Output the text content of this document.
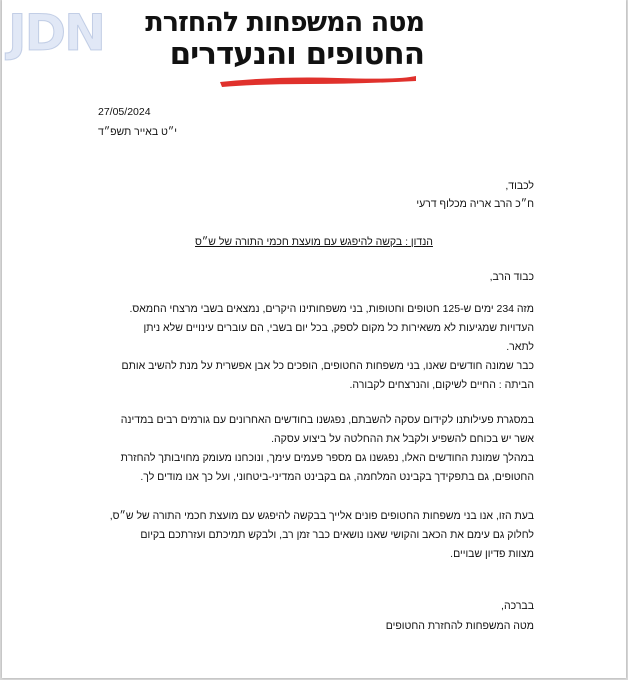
JDN מטה המשפחות להחזרת
החטופים והנעדרים
27/05/2024
י״ט באייר תשפ״ד
לכבוד,
ח״כ הרב אריה מכלוף דרעי
הנדון : בקשה להיפגש עם מועצת חכמי התורה של ש״ס
כבוד הרב,
מזה 234 ימים ש-125 חטופים וחטופות, בני משפחותינו היקרים, נמצאים בשבי מרצחי החמאס.
העדויות שמגיעות לא משאירות כל מקום לספק, בכל יום בשבי, הם עוברים עינויים שלא ניתן
לתאר.
כבר שמונה חודשים שאנו, בני משפחות החטופים, הופכים כל אבן אפשרית על מנת להשיב אותם
הביתה : החיים לשיקום, והנרצחים לקבורה.
במסגרת פעילותנו לקידום עסקה להשבתם, נפגשנו בחודשים האחרונים עם גורמים רבים במדינה
אשר יש בכוחם להשפיע ולקבל את ההחלטה על ביצוע עסקה.
במהלך שמונת החודשים האלו, נפגשנו גם מספר פעמים עימך, ונוכחנו מעומק מחויבותך להחזרת
החטופים, גם בתפקידך בקבינט המלחמה, גם בקבינט המדיני-ביטחוני, ועל כך אנו מודים לך.
בעת הזו, אנו בני משפחות החטופים פונים אלייך בבקשה להיפגש עם מועצת חכמי התורה של ש״ס,
לחלוק גם עימם את הכאב והקושי שאנו נושאים כבר זמן רב, ולבקש תמיכתם ועזרתכם בקיום
מצוות פדיון שבויים.
בברכה,
מטה המשפחות להחזרת החטופים
